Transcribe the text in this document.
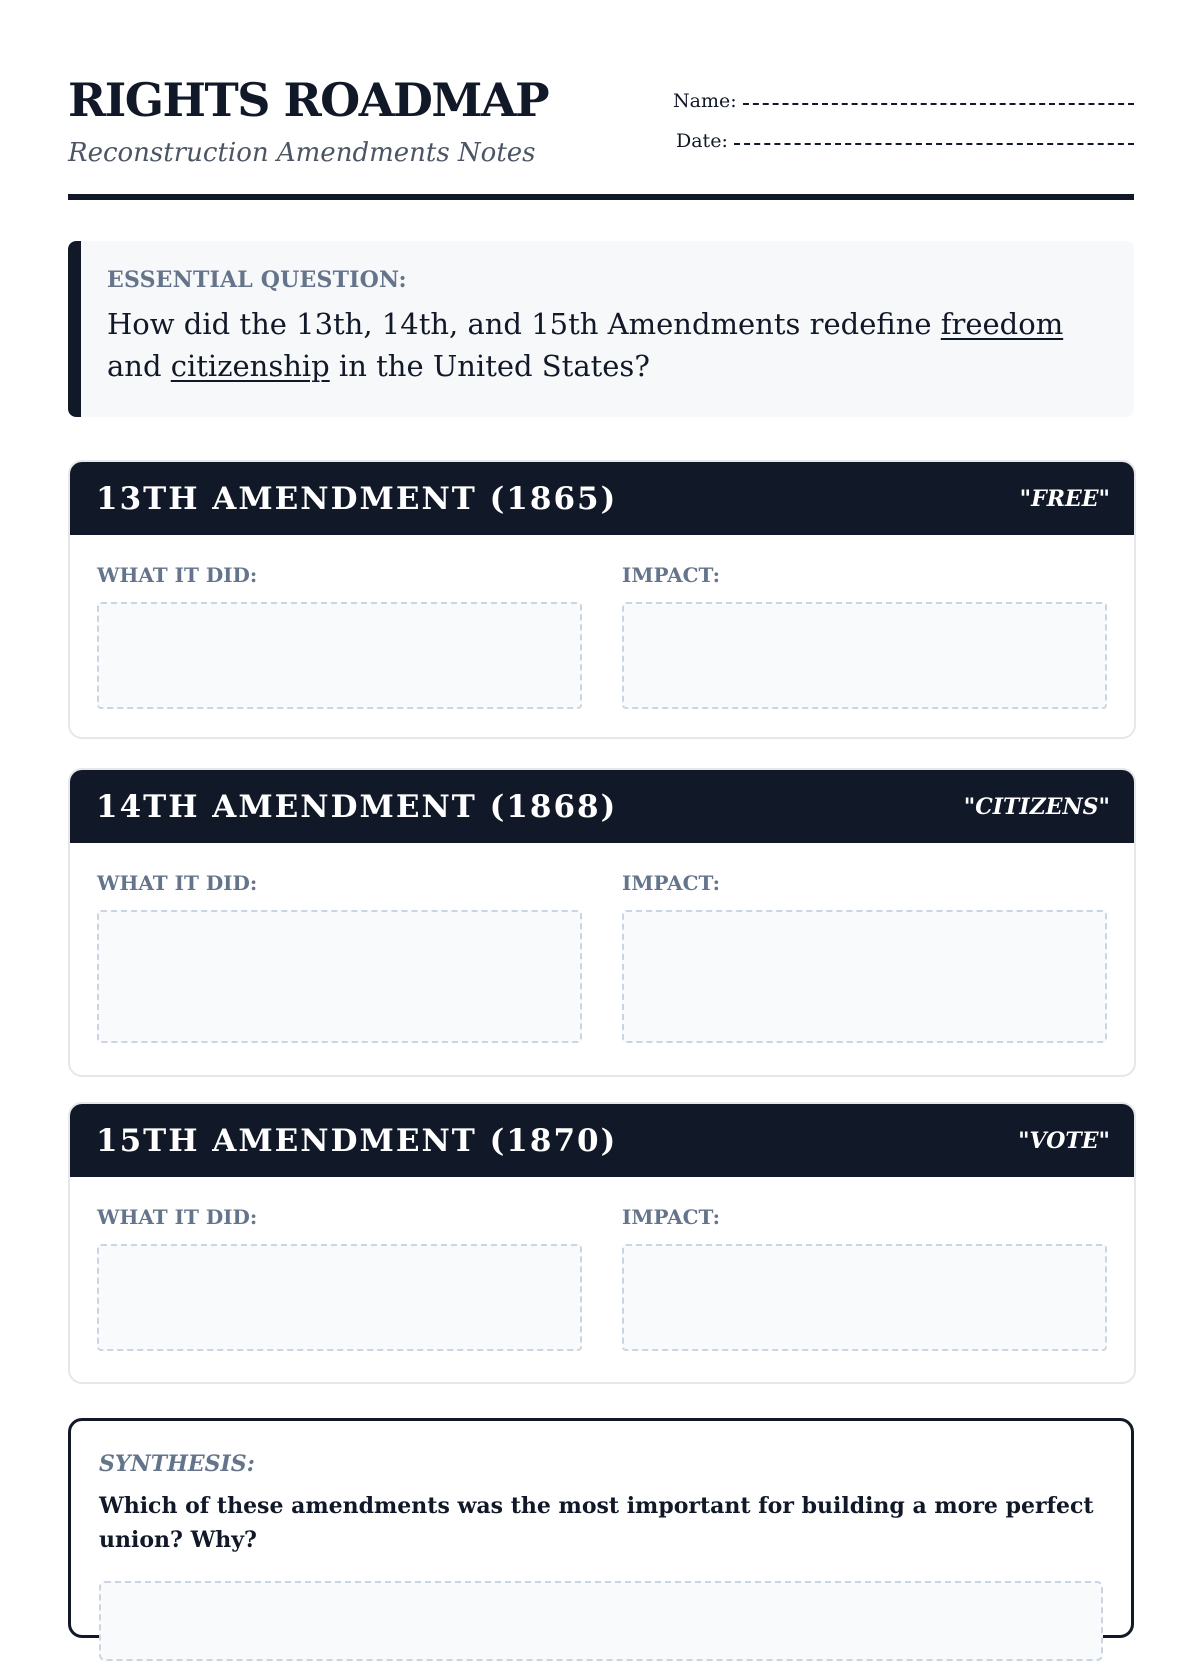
RIGHTS ROADMAP
Reconstruction Amendments Notes
Name:
Date:
ESSENTIAL QUESTION:
How did the 13th, 14th, and 15th Amendments redefine freedom and citizenship in the United States?
13TH AMENDMENT (1865)	"FREE"
WHAT IT DID:	IMPACT:
14TH AMENDMENT (1868)	"CITIZENS"
WHAT IT DID:	IMPACT:
15TH AMENDMENT (1870)	"VOTE"
WHAT IT DID:	IMPACT:
SYNTHESIS:
Which of these amendments was the most important for building a more perfect union? Why?
